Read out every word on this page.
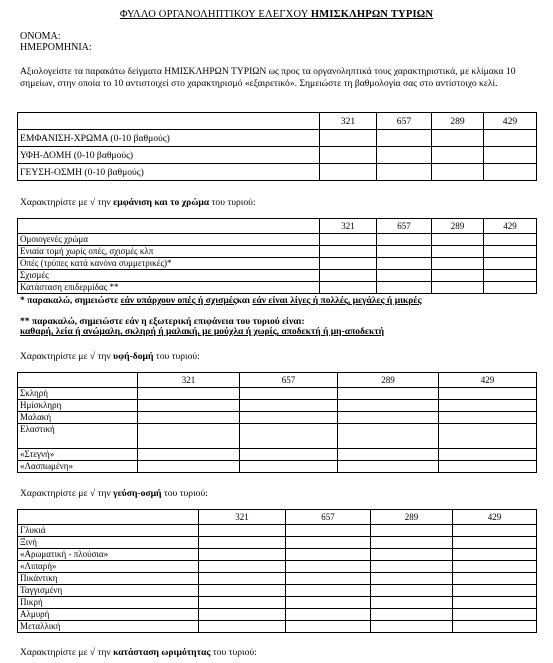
ΦΥΛΛΟ ΟΡΓΑΝΟΛΗΠΤΙΚΟΥ ΕΛΕΓΧΟΥ ΗΜΙΣΚΛΗΡΩΝ ΤΥΡΙΩΝ
ΟΝΟΜΑ:
ΗΜΕΡΟΜΗΝΙΑ:
Αξιολογείστε τα παρακάτω δείγματα ΗΜΙΣΚΛΗΡΩΝ ΤΥΡΙΩΝ ως προς τα οργανοληπτικά τους χαρακτηριστικά, με κλίμακα 10 σημείων, στην οποία το 10 αντιστοιχεί στο χαρακτηρισμό «εξαιρετικό». Σημειώστε τη βαθμολογία σας στο αντίστοιχο κελί.
	321	657	289	429
ΕΜΦΑΝΙΣΗ-ΧΡΩΜΑ (0-10 βαθμούς)				
ΥΦΗ-ΔΟΜΗ (0-10 βαθμούς)				
ΓΕΥΣΗ-ΟΣΜΗ (0-10 βαθμούς)				
Χαρακτηρίστε με √ την εμφάνιση και το χρώμα του τυριού:
	321	657	289	429
Ομοιογενές χρώμα				
Ενιαία τομή χωρίς οπές, σχισμές κλπ				
Οπές (τρύπες κατά κανόνα συμμετρικές)*				
Σχισμές				
Κατάσταση επιδερμίδας **				
* παρακαλώ, σημειώστε εάν υπάρχουν οπές ή σχισμέςκαι εάν είναι λίγες ή πολλές, μεγάλες ή μικρές
** παρακαλώ, σημειώστε εάν η εξωτερική επιφάνεια του τυριού είναι:
καθαρή, λεία ή ανώμαλη, σκληρή ή μαλακή, με μούχλα ή χωρίς, αποδεκτή ή μη-αποδεκτή
Χαρακτηρίστε με √ την υφή-δομή του τυριού:
	321	657	289	429
Σκληρή				
Ημίσκληρη				
Μαλακή				
Ελαστική				
«Στεγνή»				
«Λασπωμένη»				
Χαρακτηρίστε με √ την γεύση-οσμή του τυριού:
	321	657	289	429
Γλυκιά				
Ξινή				
«Αρωματική - πλούσια»				
«Λιπαρή»				
Πικάντικη				
Ταγγισμένη				
Πικρή				
Αλμυρή				
Μεταλλική				
Χαρακτηρίστε με √ την κατάσταση ωριμότητας του τυριού:
